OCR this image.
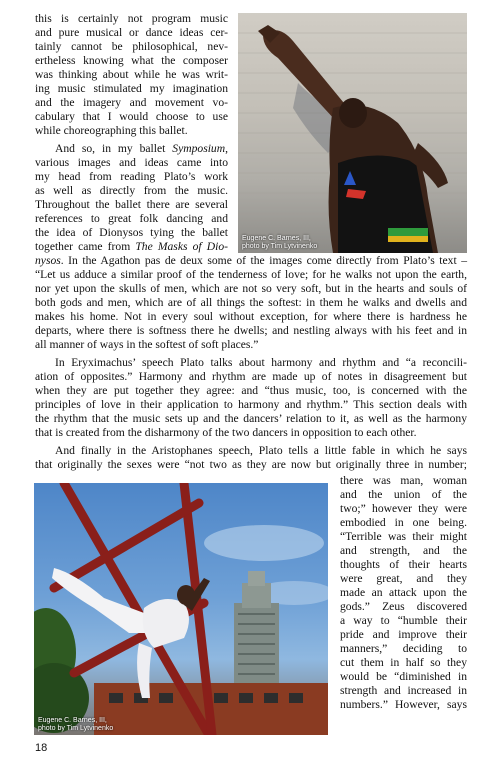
this is certainly not program music

and pure musical or dance ideas cer-

tainly cannot be philosophical, nev-

ertheless knowing what the composer

was thinking about while he was writ-

ing music stimulated my imagination

and the imagery and movement vo-

cabulary that I would choose to use

while choreographing this ballet.

And so, in my ballet Symposium,

various images and ideas came into

my head from reading Plato’s work

as well as directly from the music.

Throughout the ballet there are several

references to great folk dancing and

the idea of Dionysos tying the ballet

together came from The Masks of Dio-

nysos. In the Agathon pas de deux some of the images come directly from Plato’s text –

“Let us adduce a similar proof of the tenderness of love; for he walks not upon the earth,

nor yet upon the skulls of men, which are not so very soft, but in the hearts and souls of

both gods and men, which are of all things the softest: in them he walks and dwells and

makes his home. Not in every soul without exception, for where there is hardness he

departs, where there is softness there he dwells; and nestling always with his feet and in

all manner of ways in the softest of soft places.”

In Eryximachus’ speech Plato talks about harmony and rhythm and “a reconcili-

ation of opposites.” Harmony and rhythm are made up of notes in disagreement but

when they are put together they agree: and “thus music, too, is concerned with the

principles of love in their application to harmony and rhythm.” This section deals with

the rhythm that the music sets up and the dancers’ relation to it, as well as the harmony

that is created from the disharmony of the two dancers in opposition to each other.

And finally in the Aristophanes speech, Plato tells a little fable in which he says

that originally the sexes were “not two as they are now but originally three in number;

there was man, woman

and the union of the

two;” however they were

embodied in one being.

“Terrible was their might

and strength, and the

thoughts of their hearts

were great, and they

made an attack upon the

gods.” Zeus discovered

a way to “humble their

pride and improve their

manners,” deciding to

cut them in half so they

would be “diminished in

strength and increased in

numbers.” However, says

Eugene C. Barnes, III,
photo by Tim Lytvinenko
Eugene C. Barnes, III,
photo by Tim Lytvinenko
18
